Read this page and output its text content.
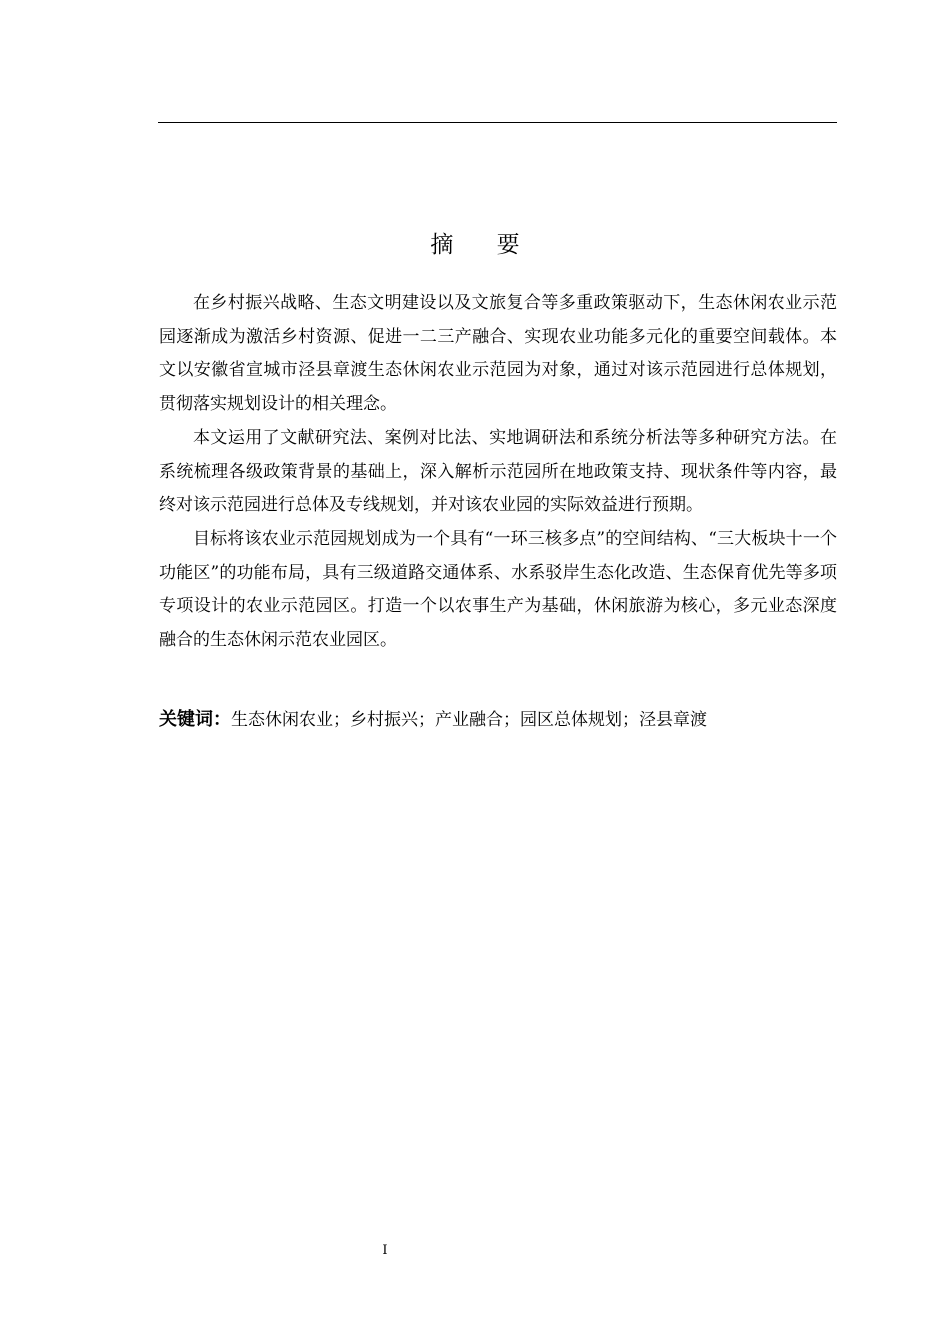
摘 要

在乡村振兴战略、生态文明建设以及文旅复合等多重政策驱动下，生态休闲农业示范园逐渐成为激活乡村资源、促进一二三产融合、实现农业功能多元化的重要空间载体。本文以安徽省宣城市泾县章渡生态休闲农业示范园为对象，通过对该示范园进行总体规划，贯彻落实规划设计的相关理念。

本文运用了文献研究法、案例对比法、实地调研法和系统分析法等多种研究方法。在系统梳理各级政策背景的基础上，深入解析示范园所在地政策支持、现状条件等内容，最终对该示范园进行总体及专线规划，并对该农业园的实际效益进行预期。

目标将该农业示范园规划成为一个具有“一环三核多点”的空间结构、“三大板块十一个功能区”的功能布局，具有三级道路交通体系、水系驳岸生态化改造、生态保育优先等多项专项设计的农业示范园区。打造一个以农事生产为基础，休闲旅游为核心，多元业态深度融合的生态休闲示范农业园区。

关键词：生态休闲农业；乡村振兴；产业融合；园区总体规划；泾县章渡
I
